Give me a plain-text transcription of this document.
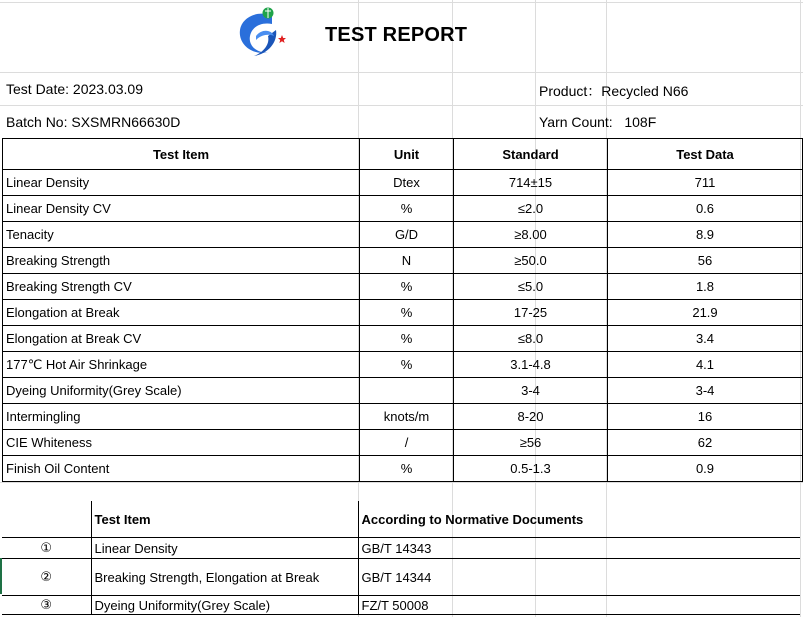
TEST REPORT
Test Date: 2023.03.09	Product：Recycled N66
Batch No: SXSMRN66630D	Yarn Count:   108F
Test Item	Unit	Standard	Test Data
Linear Density	Dtex	714±15	711
Linear Density CV	%	≤2.0	0.6
Tenacity	G/D	≥8.00	8.9
Breaking Strength	N	≥50.0	56
Breaking Strength CV	%	≤5.0	1.8
Elongation at Break	%	17-25	21.9
Elongation at Break CV	%	≤8.0	3.4
177℃ Hot Air Shrinkage	%	3.1-4.8	4.1
Dyeing Uniformity(Grey Scale)		3-4	3-4
Intermingling	knots/m	8-20	16
CIE Whiteness	/	≥56	62
Finish Oil Content	%	0.5-1.3	0.9
	Test Item	According to Normative Documents
①	Linear Density	GB/T 14343
②	Breaking Strength, Elongation at Break	GB/T 14344
③	Dyeing Uniformity(Grey Scale)	FZ/T 50008
